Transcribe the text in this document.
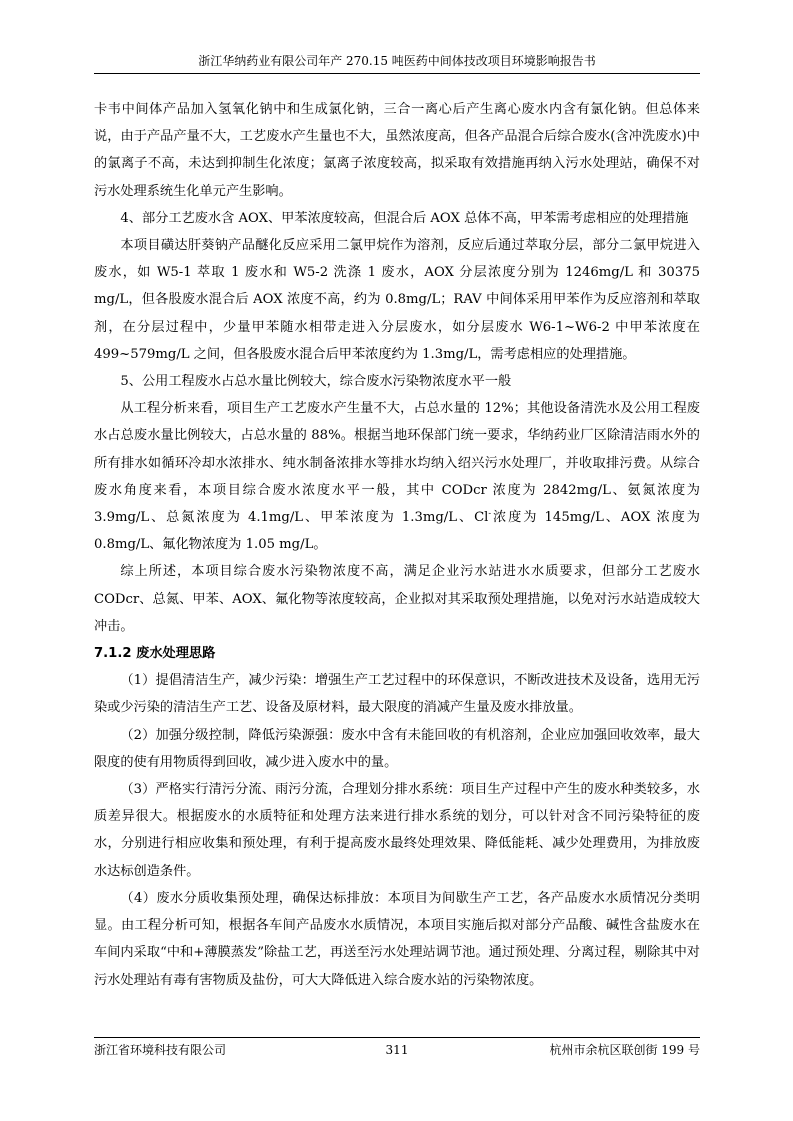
浙江华纳药业有限公司年产 270.15 吨医药中间体技改项目环境影响报告书

卡韦中间体产品加入氢氧化钠中和生成氯化钠，三合一离心后产生离心废水内含有氯化钠。但总体来说，由于产品产量不大，工艺废水产生量也不大，虽然浓度高，但各产品混合后综合废水(含冲洗废水)中的氯离子不高，未达到抑制生化浓度；氯离子浓度较高，拟采取有效措施再纳入污水处理站，确保不对污水处理系统生化单元产生影响。

4、部分工艺废水含 AOX、甲苯浓度较高，但混合后 AOX 总体不高，甲苯需考虑相应的处理措施

本项目磺达肝葵钠产品醚化反应采用二氯甲烷作为溶剂，反应后通过萃取分层，部分二氯甲烷进入废水，如 W5-1 萃取 1 废水和 W5-2 洗涤 1 废水，AOX 分层浓度分别为 1246mg/L 和 30375 mg/L，但各股废水混合后 AOX 浓度不高，约为 0.8mg/L；RAV 中间体采用甲苯作为反应溶剂和萃取剂，在分层过程中，少量甲苯随水相带走进入分层废水，如分层废水 W6-1~W6-2 中甲苯浓度在 499~579mg/L 之间，但各股废水混合后甲苯浓度约为 1.3mg/L，需考虑相应的处理措施。

5、公用工程废水占总水量比例较大，综合废水污染物浓度水平一般

从工程分析来看，项目生产工艺废水产生量不大，占总水量的 12%；其他设备清洗水及公用工程废水占总废水量比例较大，占总水量的 88%。根据当地环保部门统一要求，华纳药业厂区除清洁雨水外的所有排水如循环冷却水浓排水、纯水制备浓排水等排水均纳入绍兴污水处理厂，并收取排污费。从综合废水角度来看，本项目综合废水浓度水平一般，其中 CODcr 浓度为 2842mg/L、氨氮浓度为 3.9mg/L、总氮浓度为 4.1mg/L、甲苯浓度为 1.3mg/L、Cl-浓度为 145mg/L、AOX 浓度为 0.8mg/L、氟化物浓度为 1.05 mg/L。

综上所述，本项目综合废水污染物浓度不高，满足企业污水站进水水质要求，但部分工艺废水 CODcr、总氮、甲苯、AOX、氟化物等浓度较高，企业拟对其采取预处理措施，以免对污水站造成较大冲击。

7.1.2 废水处理思路

（1）提倡清洁生产，减少污染：增强生产工艺过程中的环保意识，不断改进技术及设备，选用无污染或少污染的清洁生产工艺、设备及原材料，最大限度的消减产生量及废水排放量。

（2）加强分级控制，降低污染源强：废水中含有未能回收的有机溶剂，企业应加强回收效率，最大限度的使有用物质得到回收，减少进入废水中的量。

（3）严格实行清污分流、雨污分流，合理划分排水系统：项目生产过程中产生的废水种类较多，水质差异很大。根据废水的水质特征和处理方法来进行排水系统的划分，可以针对含不同污染特征的废水，分别进行相应收集和预处理，有利于提高废水最终处理效果、降低能耗、减少处理费用，为排放废水达标创造条件。

（4）废水分质收集预处理，确保达标排放：本项目为间歇生产工艺，各产品废水水质情况分类明显。由工程分析可知，根据各车间产品废水水质情况，本项目实施后拟对部分产品酸、碱性含盐废水在车间内采取“中和+薄膜蒸发”除盐工艺，再送至污水处理站调节池。通过预处理、分离过程，剔除其中对污水处理站有毒有害物质及盐份，可大大降低进入综合废水站的污染物浓度。

浙江省环境科技有限公司	311	杭州市余杭区联创街 199 号
